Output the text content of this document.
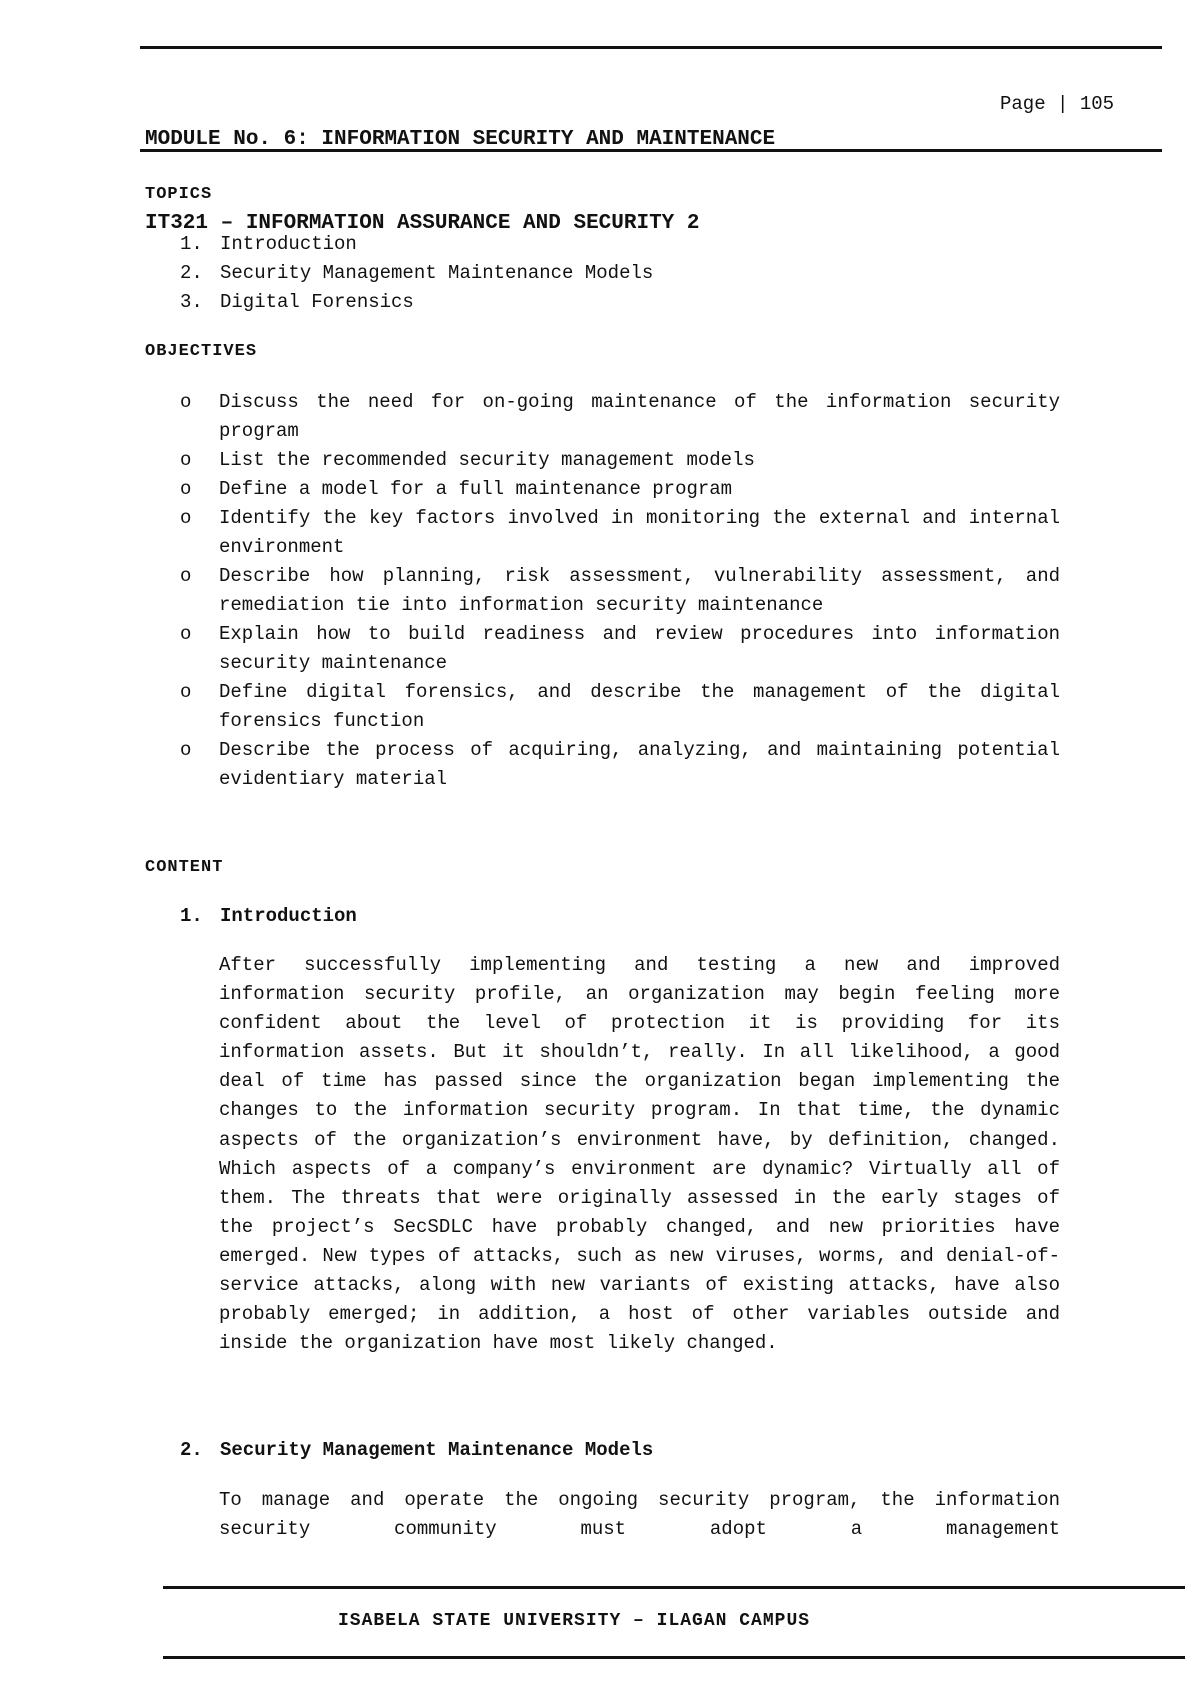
MODULE No. 6: INFORMATION SECURITY AND MAINTENANCE

IT321 – INFORMATION ASSURANCE AND SECURITY 2

Page | 105
TOPICS
1. Introduction
2. Security Management Maintenance Models
3. Digital Forensics
OBJECTIVES
o	Discuss the need for on-going maintenance of the information security program
o	List the recommended security management models
o	Define a model for a full maintenance program
o	Identify the key factors involved in monitoring the external and internal environment
o	Describe how planning, risk assessment, vulnerability assessment, and remediation tie into information security maintenance
o	Explain how to build readiness and review procedures into information security maintenance
o	Define digital forensics, and describe the management of the digital forensics function
o	Describe the process of acquiring, analyzing, and maintaining potential evidentiary material
CONTENT
1. Introduction

After successfully implementing and testing a new and improved information security profile, an organization may begin feeling more confident about the level of protection it is providing for its information assets. But it shouldn’t, really. In all likelihood, a good deal of time has passed since the organization began implementing the changes to the information security program. In that time, the dynamic aspects of the organization’s environment have, by definition, changed. Which aspects of a company’s environment are dynamic? Virtually all of them. The threats that were originally assessed in the early stages of the project’s SecSDLC have probably changed, and new priorities have emerged. New types of attacks, such as new viruses, worms, and denial-of-service attacks, along with new variants of existing attacks, have also probably emerged; in addition, a host of other variables outside and inside the organization have most likely changed.

2. Security Management Maintenance Models

To manage and operate the ongoing security program, the information security community must adopt a management

ISABELA STATE UNIVERSITY – ILAGAN CAMPUS
